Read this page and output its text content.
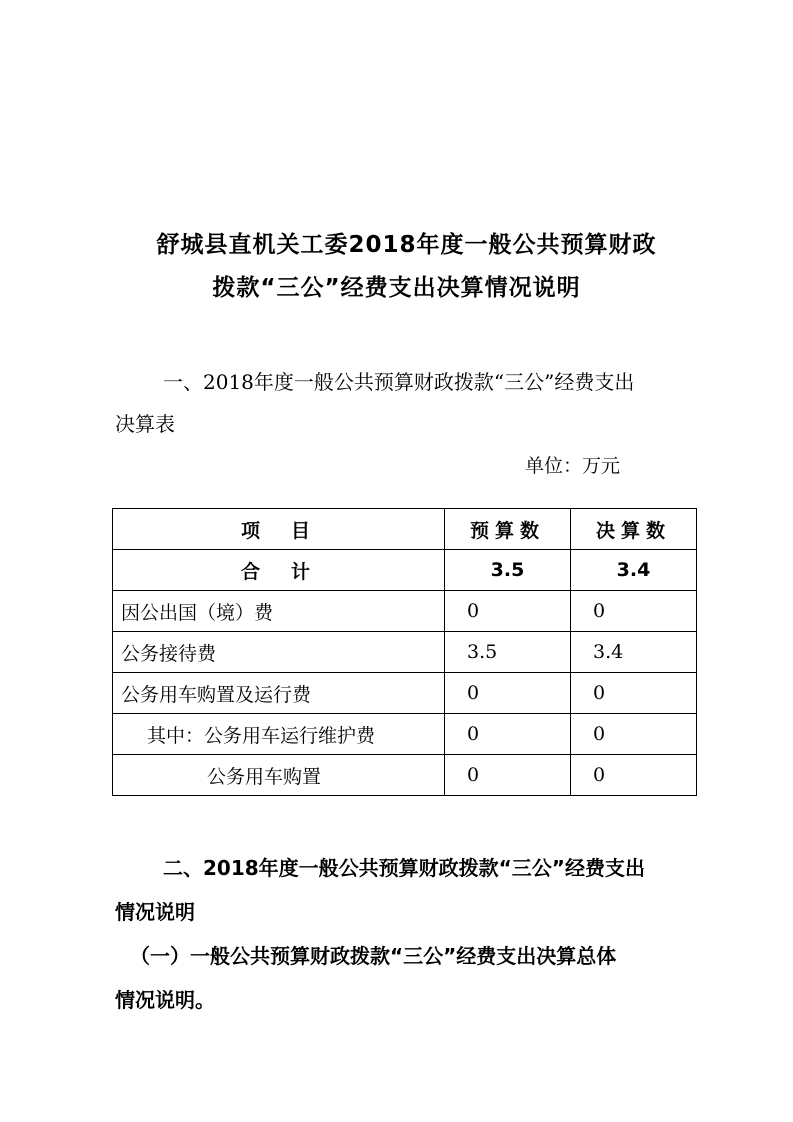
舒城县直机关工委2018年度一般公共预算财政
拨款“三公”经费支出决算情况说明
一、2018年度一般公共预算财政拨款“三公”经费支出
决算表
单位：万元
项　目	预算数	决算数
合　计	3.5	3.4
因公出国（境）费	0	0
公务接待费	3.5	3.4
公务用车购置及运行费	0	0
其中：公务用车运行维护费	0	0
公务用车购置	0	0
二、2018年度一般公共预算财政拨款“三公”经费支出
情况说明
（一）一般公共预算财政拨款“三公”经费支出决算总体
情况说明。
